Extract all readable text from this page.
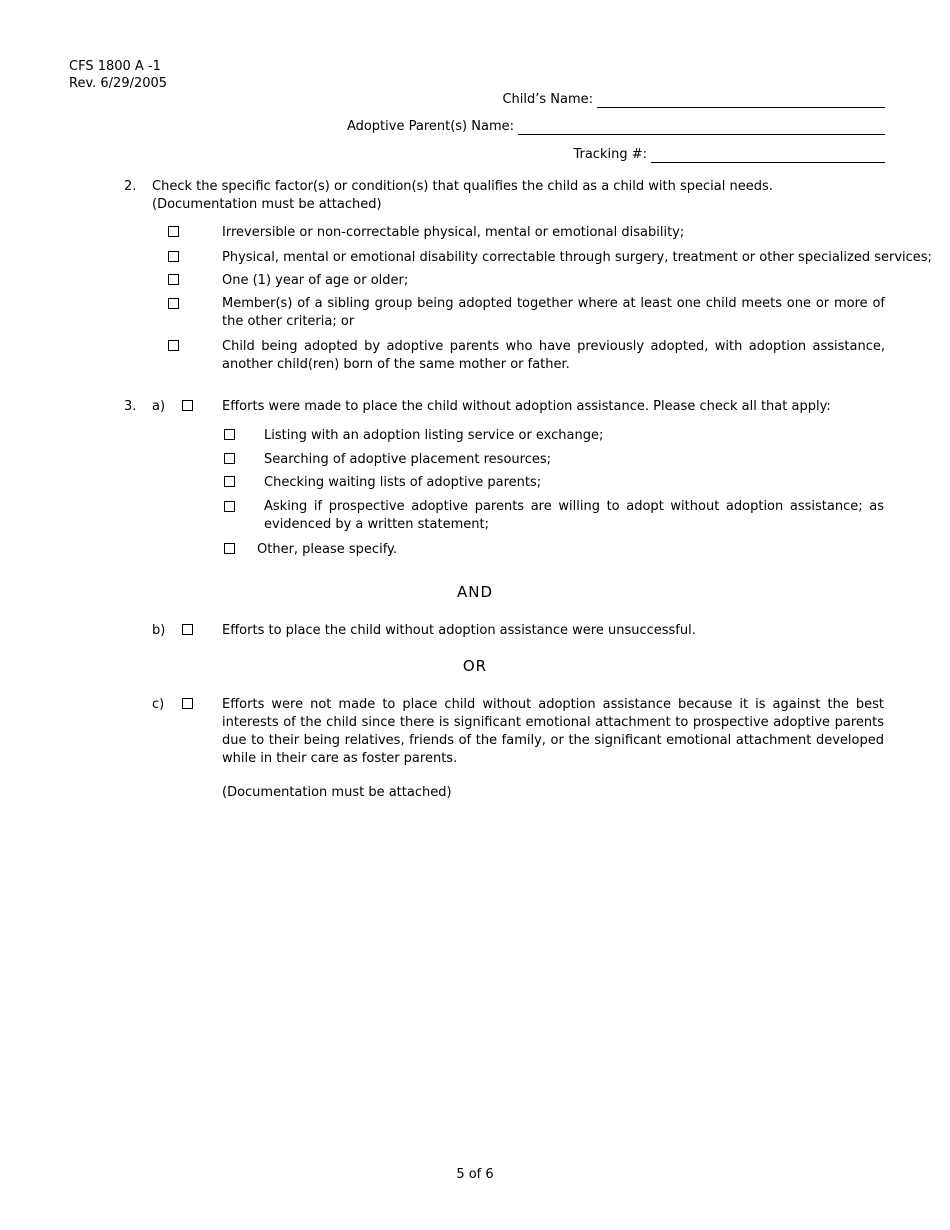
CFS 1800 A -1
Rev. 6/29/2005
Child’s Name:
Adoptive Parent(s) Name:
Tracking #:
2. Check the specific factor(s) or condition(s) that qualifies the child as a child with special needs.
(Documentation must be attached)
Irreversible or non-correctable physical, mental or emotional disability;
Physical, mental or emotional disability correctable through surgery, treatment or other specialized services;
One (1) year of age or older;
Member(s) of a sibling group being adopted together where at least one child meets one or more of the other criteria; or
Child being adopted by adoptive parents who have previously adopted, with adoption assistance, another child(ren) born of the same mother or father.
3. a)	Efforts were made to place the child without adoption assistance. Please check all that apply:
Listing with an adoption listing service or exchange;
Searching of adoptive placement resources;
Checking waiting lists of adoptive parents;
Asking if prospective adoptive parents are willing to adopt without adoption assistance; as evidenced by a written statement;
Other, please specify.
AND
b)	Efforts to place the child without adoption assistance were unsuccessful.
OR
c)	Efforts were not made to place child without adoption assistance because it is against the best interests of the child since there is significant emotional attachment to prospective adoptive parents due to their being relatives, friends of the family, or the significant emotional attachment developed while in their care as foster parents.
(Documentation must be attached)
5 of 6
